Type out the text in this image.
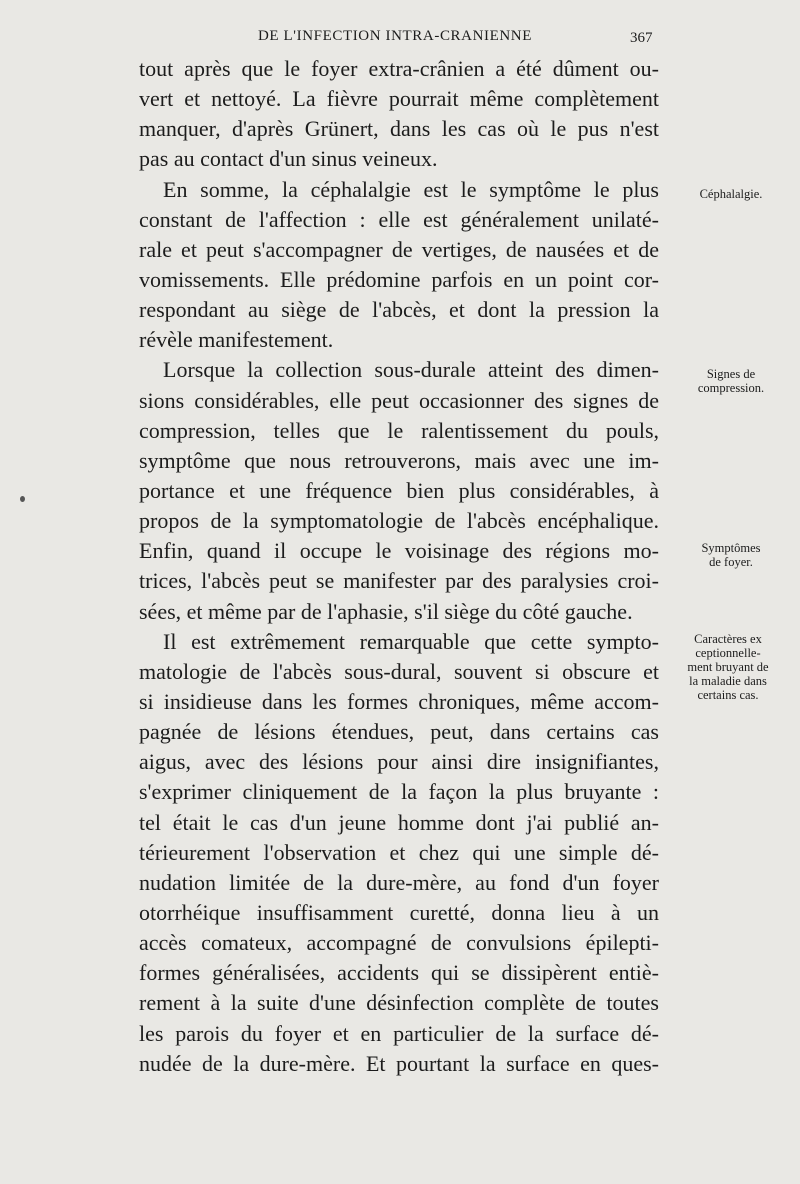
DE L'INFECTION INTRA-CRANIENNE	367
tout après que le foyer extra-crânien a été dûment ou-
vert et nettoyé. La fièvre pourrait même complètement
manquer, d'après Grünert, dans les cas où le pus n'est
pas au contact d'un sinus veineux.
En somme, la céphalalgie est le symptôme le plus
constant de l'affection : elle est généralement unilaté-
rale et peut s'accompagner de vertiges, de nausées et de
vomissements. Elle prédomine parfois en un point cor-
respondant au siège de l'abcès, et dont la pression la
révèle manifestement.
Lorsque la collection sous-durale atteint des dimen-
sions considérables, elle peut occasionner des signes de
compression, telles que le ralentissement du pouls,
symptôme que nous retrouverons, mais avec une im-
portance et une fréquence bien plus considérables, à
propos de la symptomatologie de l'abcès encéphalique.
Enfin, quand il occupe le voisinage des régions mo-
trices, l'abcès peut se manifester par des paralysies croi-
sées, et même par de l'aphasie, s'il siège du côté gauche.
Il est extrêmement remarquable que cette sympto-
matologie de l'abcès sous-dural, souvent si obscure et
si insidieuse dans les formes chroniques, même accom-
pagnée de lésions étendues, peut, dans certains cas
aigus, avec des lésions pour ainsi dire insignifiantes,
s'exprimer cliniquement de la façon la plus bruyante :
tel était le cas d'un jeune homme dont j'ai publié an-
térieurement l'observation et chez qui une simple dé-
nudation limitée de la dure-mère, au fond d'un foyer
otorrhéique insuffisamment curetté, donna lieu à un
accès comateux, accompagné de convulsions épilepti-
formes généralisées, accidents qui se dissipèrent entiè-
rement à la suite d'une désinfection complète de toutes
les parois du foyer et en particulier de la surface dé-
nudée de la dure-mère. Et pourtant la surface en ques-
Céphalalgie.
Signes de
compression.
Symptômes
de foyer.
Caractères ex
ceptionnelle-
ment bruyant de
la maladie dans
certains cas.
